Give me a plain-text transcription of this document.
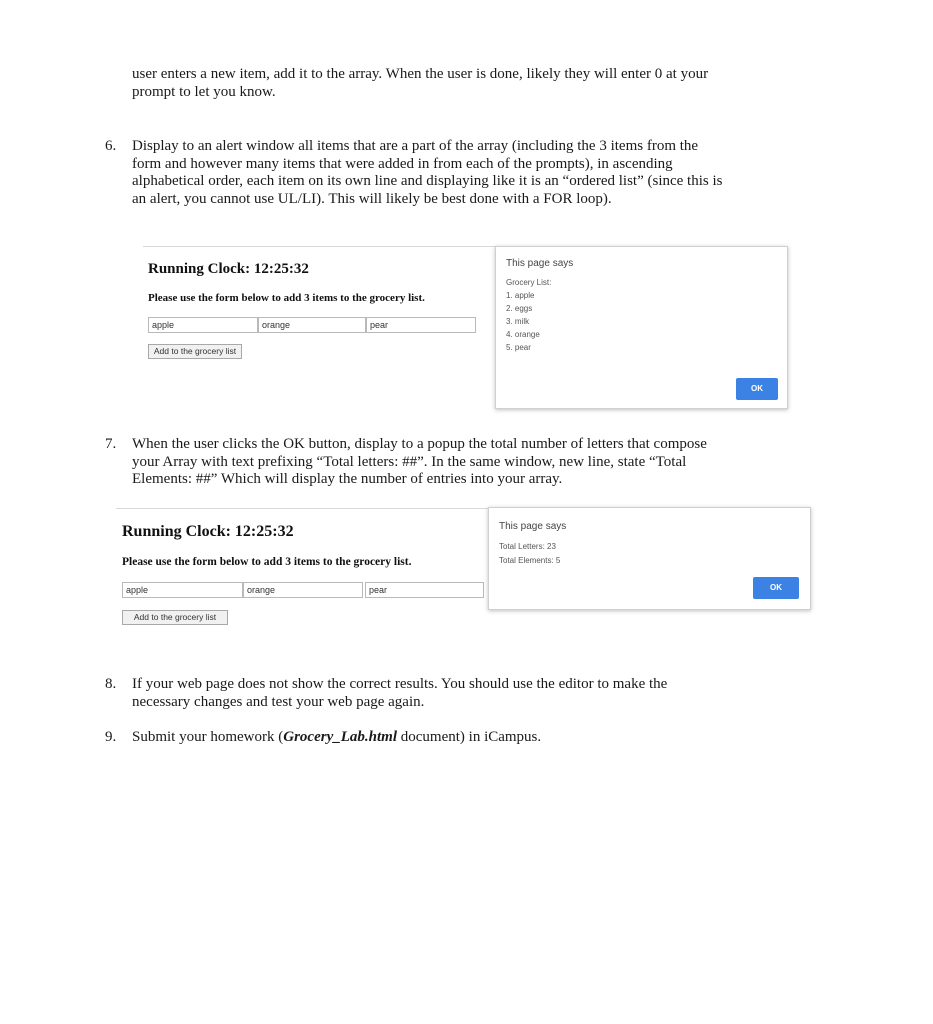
user enters a new item, add it to the array. When the user is done, likely they will enter 0 at your
prompt to let you know.
6. Display to an alert window all items that are a part of the array (including the 3 items from the
form and however many items that were added in from each of the prompts), in ascending
alphabetical order, each item on its own line and displaying like it is an “ordered list” (since this is
an alert, you cannot use UL/LI). This will likely be best done with a FOR loop).
Running Clock: 12:25:32
Please use the form below to add 3 items to the grocery list.
apple	orange	pear
Add to the grocery list
This page says
Grocery List:
1. apple
2. eggs
3. milk
4. orange
5. pear
OK
7. When the user clicks the OK button, display to a popup the total number of letters that compose
your Array with text prefixing “Total letters: ##”. In the same window, new line, state “Total
Elements: ##” Which will display the number of entries into your array.
Running Clock: 12:25:32
Please use the form below to add 3 items to the grocery list.
apple	orange	pear
Add to the grocery list
This page says
Total Letters: 23
Total Elements: 5
OK
8. If your web page does not show the correct results. You should use the editor to make the
necessary changes and test your web page again.
9. Submit your homework (Grocery_Lab.html document) in iCampus.
